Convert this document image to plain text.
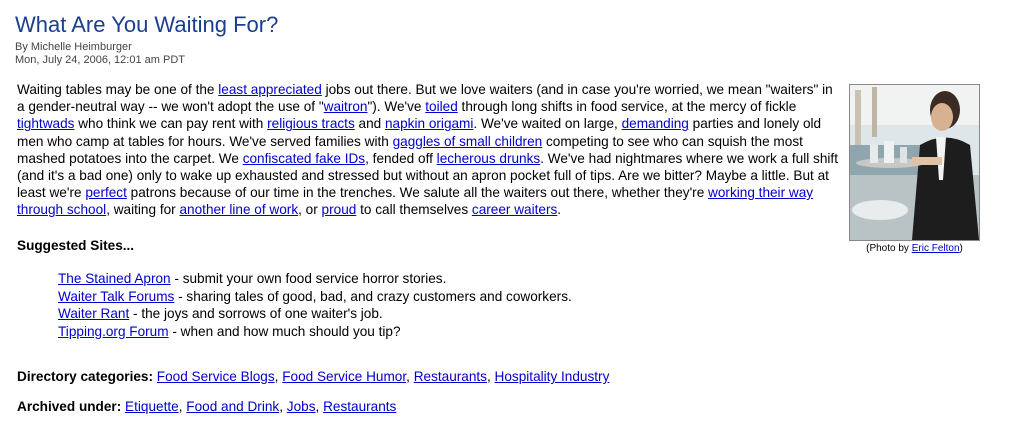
What Are You Waiting For?
By Michelle Heimburger
Mon, July 24, 2006, 12:01 am PDT

Waiting tables may be one of the least appreciated jobs out there. But we love waiters (and in case you're worried, we mean "waiters" in a gender-neutral way -- we won't adopt the use of "waitron"). We've toiled through long shifts in food service, at the mercy of fickle tightwads who think we can pay rent with religious tracts and napkin origami. We've waited on large, demanding parties and lonely old men who camp at tables for hours. We've served families with gaggles of small children competing to see who can squish the most mashed potatoes into the carpet. We confiscated fake IDs, fended off lecherous drunks. We've had nightmares where we work a full shift (and it's a bad one) only to wake up exhausted and stressed but without an apron pocket full of tips. Are we bitter? Maybe a little. But at least we're perfect patrons because of our time in the trenches. We salute all the waiters out there, whether they're working their way through school, waiting for another line of work, or proud to call themselves career waiters.

(Photo by Eric Felton)
Suggested Sites...
The Stained Apron - submit your own food service horror stories.
Waiter Talk Forums - sharing tales of good, bad, and crazy customers and coworkers.
Waiter Rant - the joys and sorrows of one waiter's job.
Tipping.org Forum - when and how much should you tip?
Directory categories: Food Service Blogs, Food Service Humor, Restaurants, Hospitality Industry
Archived under: Etiquette, Food and Drink, Jobs, Restaurants
